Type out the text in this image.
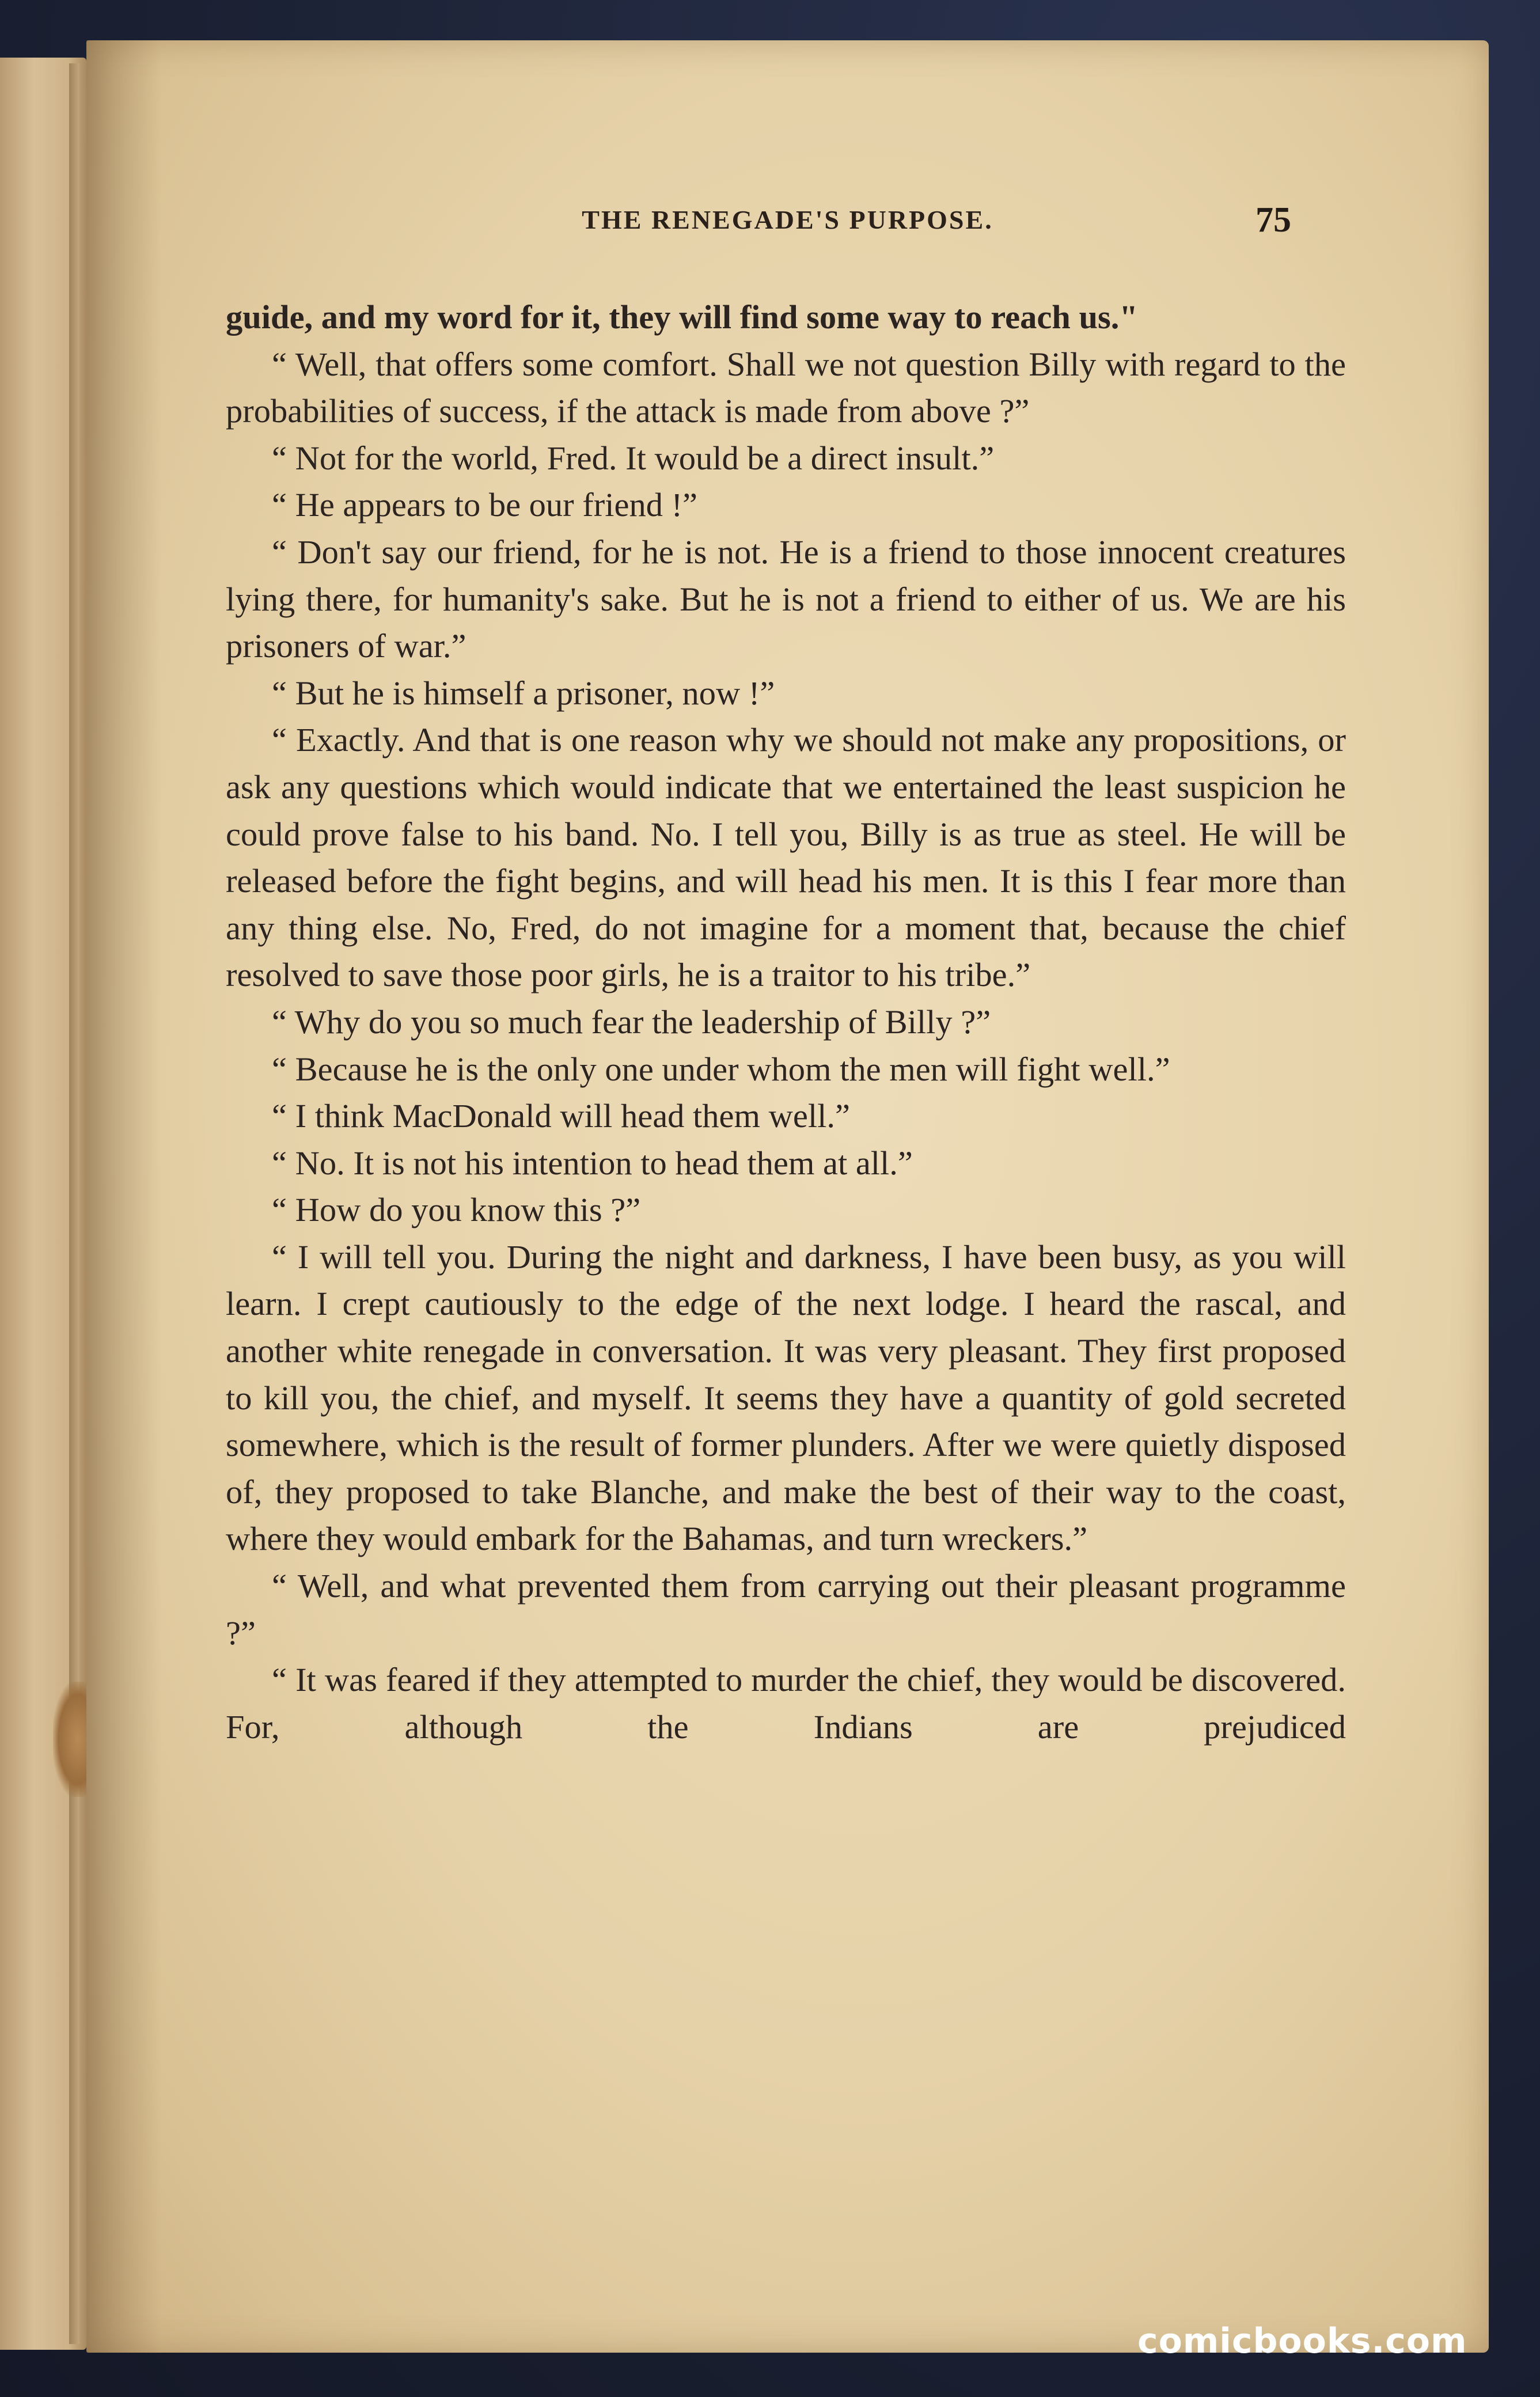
THE RENEGADE'S PURPOSE.	75

guide, and my word for it, they will find some way to reach us."

“ Well, that offers some comfort. Shall we not question Billy with regard to the probabilities of success, if the attack is made from above ?”

“ Not for the world, Fred. It would be a direct insult.”

“ He appears to be our friend !”

“ Don't say our friend, for he is not. He is a friend to those innocent creatures lying there, for humanity's sake. But he is not a friend to either of us. We are his prisoners of war.”

“ But he is himself a prisoner, now !”

“ Exactly. And that is one reason why we should not make any propositions, or ask any questions which would indicate that we entertained the least suspicion he could prove false to his band. No. I tell you, Billy is as true as steel. He will be released before the fight begins, and will head his men. It is this I fear more than any thing else. No, Fred, do not imagine for a moment that, because the chief resolved to save those poor girls, he is a traitor to his tribe.”

“ Why do you so much fear the leadership of Billy ?”

“ Because he is the only one under whom the men will fight well.”

“ I think MacDonald will head them well.”

“ No. It is not his intention to head them at all.”

“ How do you know this ?”

“ I will tell you. During the night and darkness, I have been busy, as you will learn. I crept cautiously to the edge of the next lodge. I heard the rascal, and another white renegade in conversation. It was very pleasant. They first proposed to kill you, the chief, and myself. It seems they have a quantity of gold secreted somewhere, which is the result of former plunders. After we were quietly disposed of, they proposed to take Blanche, and make the best of their way to the coast, where they would embark for the Bahamas, and turn wreckers.”

“ Well, and what prevented them from carrying out their pleasant programme ?”

“ It was feared if they attempted to murder the chief, they would be discovered. For, although the Indians are prejudiced

comicbooks.com
